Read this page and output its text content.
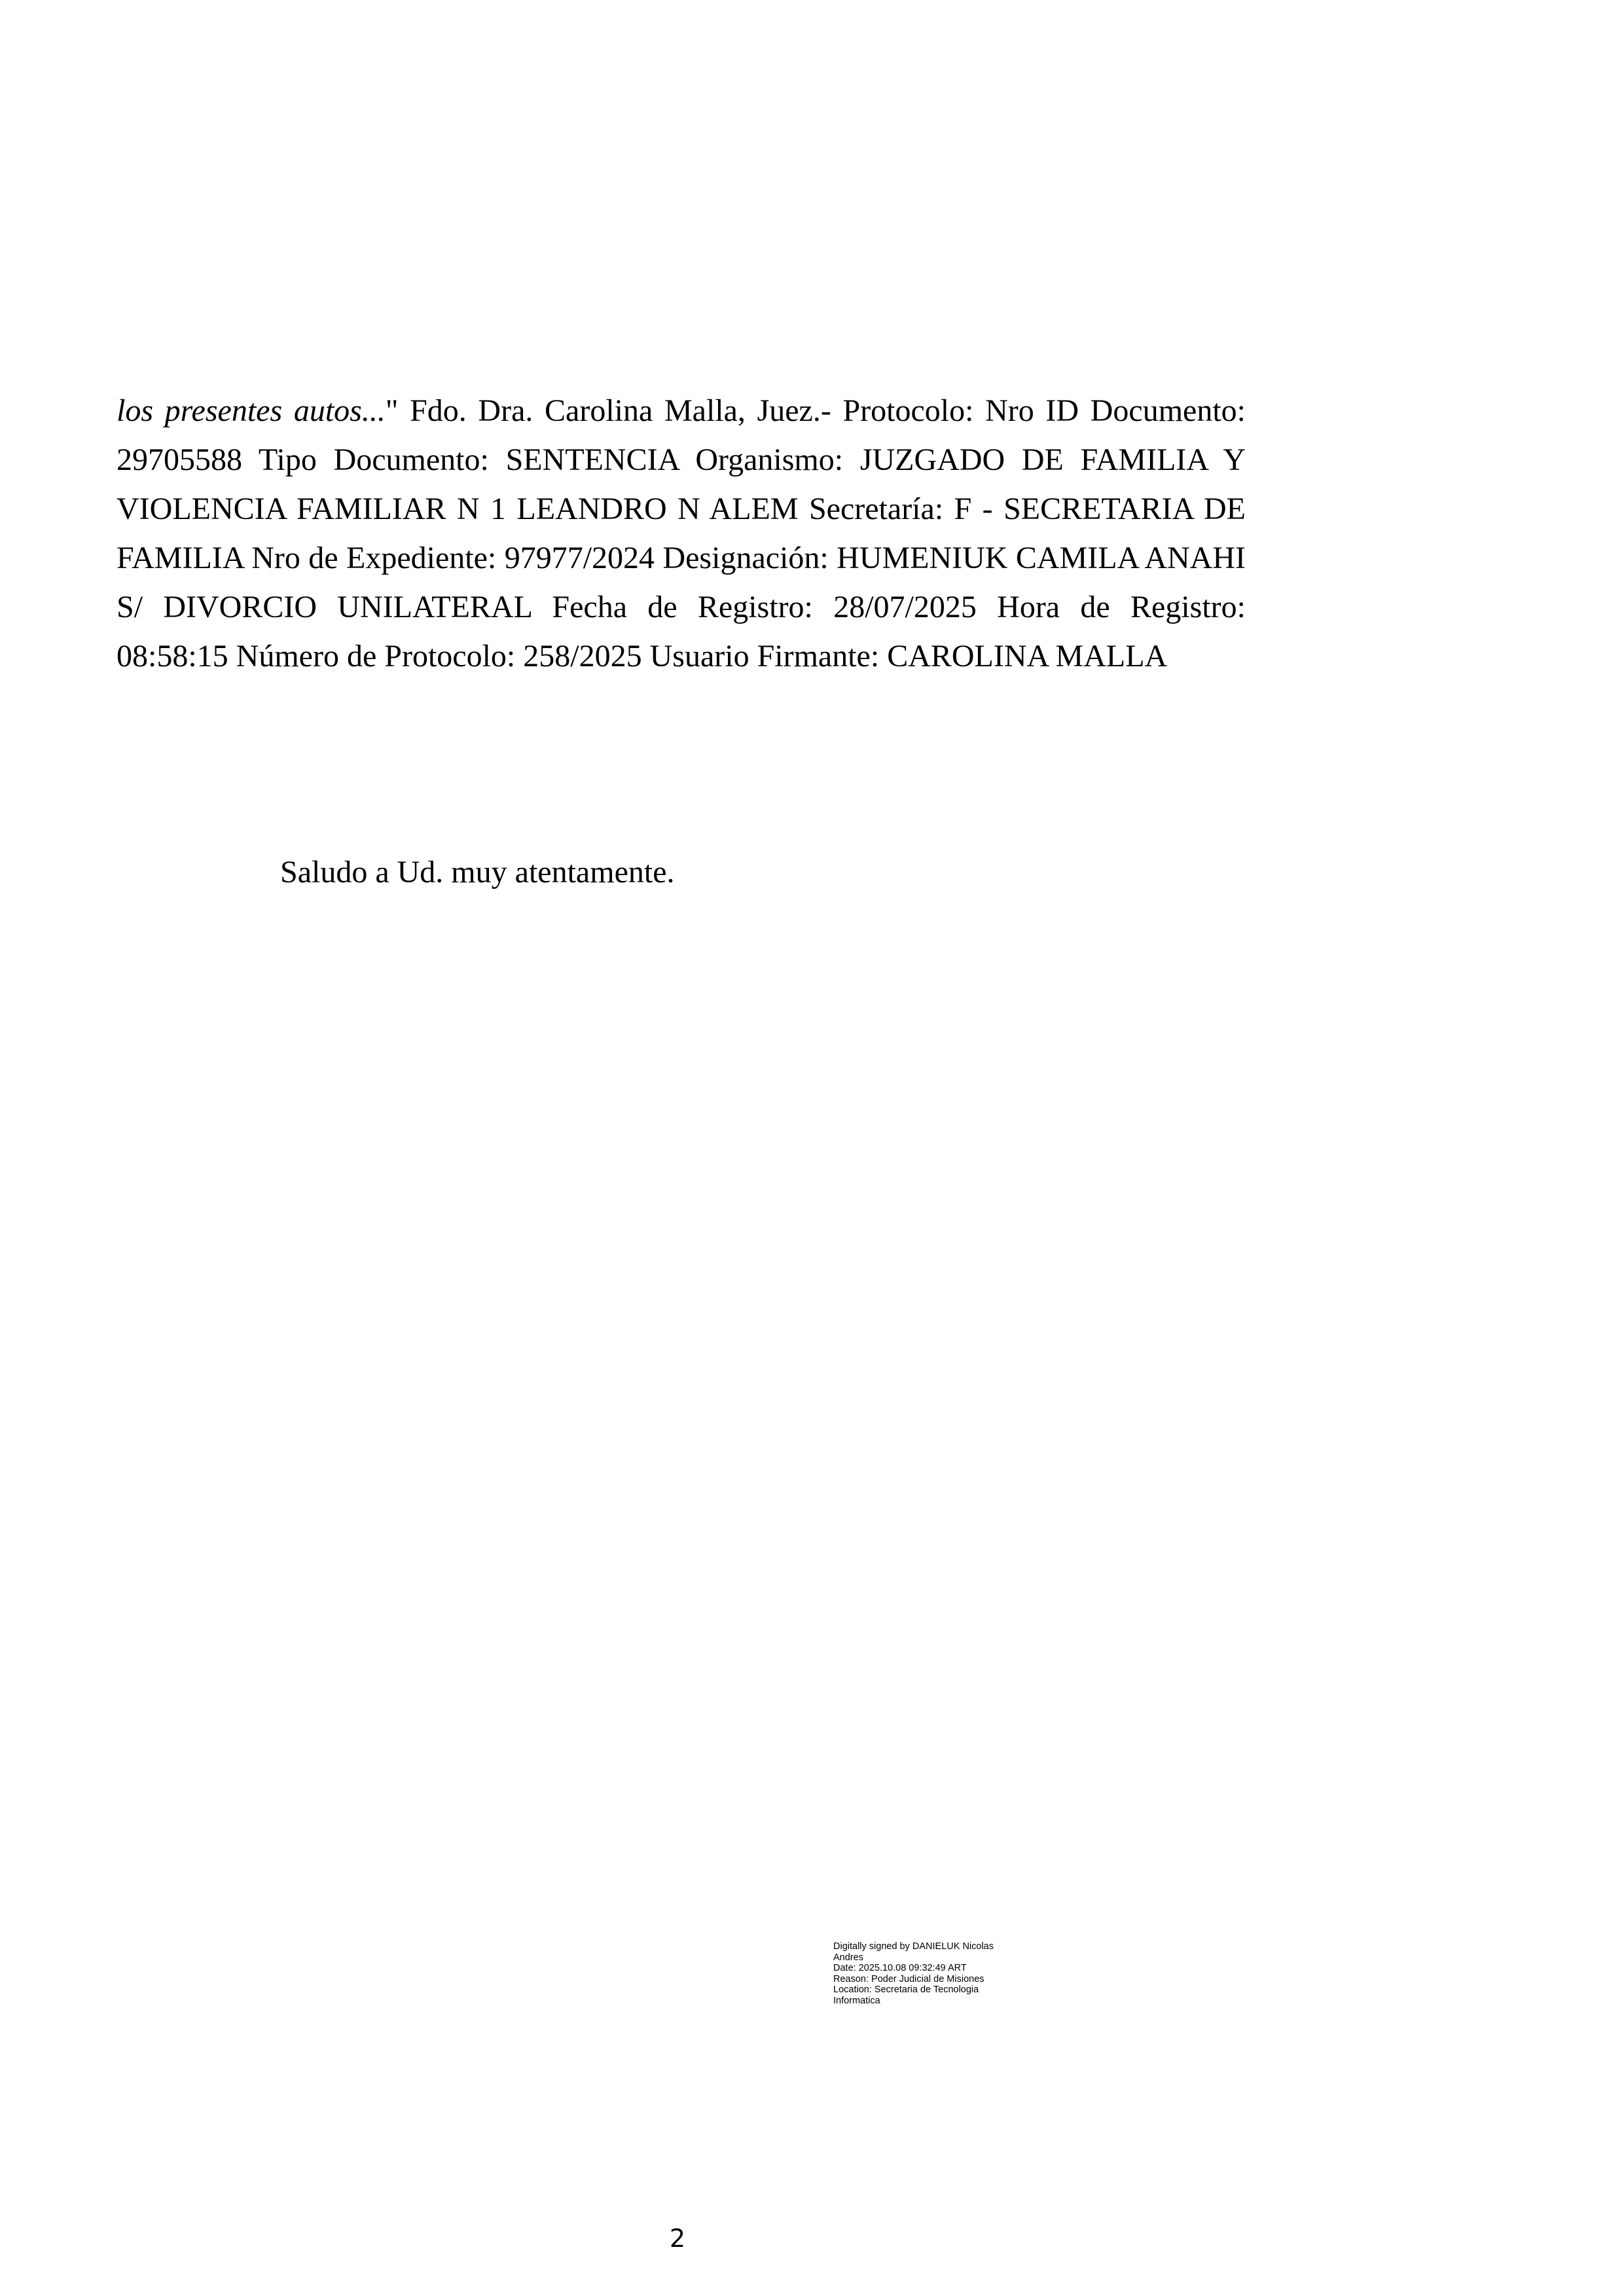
los presentes autos..." Fdo. Dra. Carolina Malla, Juez.- Protocolo: Nro ID Documento: 29705588 Tipo Documento: SENTENCIA Organismo: JUZGADO DE FAMILIA Y VIOLENCIA FAMILIAR N 1 LEANDRO N ALEM Secretaría: F - SECRETARIA DE FAMILIA Nro de Expediente: 97977/2024 Designación: HUMENIUK CAMILA ANAHI S/ DIVORCIO UNILATERAL Fecha de Registro: 28/07/2025 Hora de Registro: 08:58:15 Número de Protocolo: 258/2025 Usuario Firmante: CAROLINA MALLA

Saludo a Ud. muy atentamente.

Digitally signed by DANIELUK Nicolas
Andres
Date: 2025.10.08 09:32:49 ART
Reason: Poder Judicial de Misiones
Location: Secretaria de Tecnologia
Informatica
2
